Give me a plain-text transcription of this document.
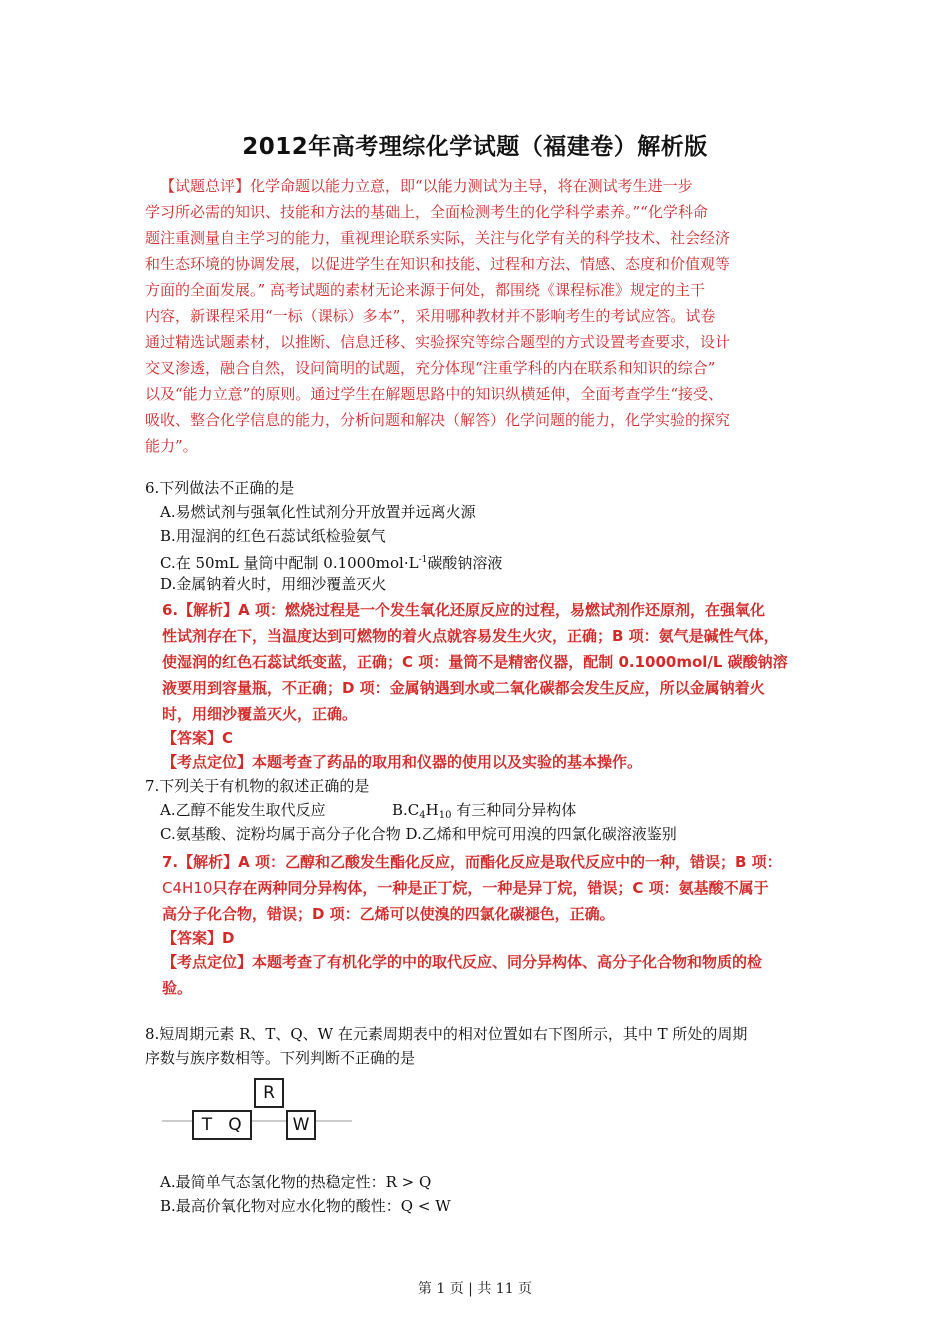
2012年高考理综化学试题（福建卷）解析版
【试题总评】化学命题以能力立意，即“以能力测试为主导，将在测试考生进一步
学习所必需的知识、技能和方法的基础上，全面检测考生的化学科学素养。”“化学科命
题注重测量自主学习的能力，重视理论联系实际，关注与化学有关的科学技术、社会经济
和生态环境的协调发展，以促进学生在知识和技能、过程和方法、情感、态度和价值观等
方面的全面发展。” 高考试题的素材无论来源于何处，都围绕《课程标准》规定的主干
内容，新课程采用“一标（课标）多本”，采用哪种教材并不影响考生的考试应答。试卷
通过精选试题素材，以推断、信息迁移、实验探究等综合题型的方式设置考查要求，设计
交叉渗透，融合自然，设问简明的试题，充分体现“注重学科的内在联系和知识的综合”
以及“能力立意”的原则。通过学生在解题思路中的知识纵横延伸，全面考查学生“接受、
吸收、整合化学信息的能力，分析问题和解决（解答）化学问题的能力，化学实验的探究
能力”。
6.下列做法不正确的是
A.易燃试剂与强氧化性试剂分开放置并远离火源
B.用湿润的红色石蕊试纸检验氨气
C.在 50mL 量筒中配制 $0.1000mol\cdot L^{-1}$碳酸钠溶液
D.金属钠着火时，用细沙覆盖灭火
6.【解析】A 项：燃烧过程是一个发生氧化还原反应的过程，易燃试剂作还原剂，在强氧化
性试剂存在下，当温度达到可燃物的着火点就容易发生火灾，正确；B 项：氨气是碱性气体，
使湿润的红色石蕊试纸变蓝，正确；C 项：量筒不是精密仪器，配制 0.1000mol/L 碳酸钠溶
液要用到容量瓶，不正确；D 项：金属钠遇到水或二氧化碳都会发生反应，所以金属钠着火
时，用细沙覆盖灭火，正确。
【答案】C
【考点定位】本题考查了药品的取用和仪器的使用以及实验的基本操作。
7.下列关于有机物的叙述正确的是
A.乙醇不能发生取代反应	$B.C_4H_{10}$ 有三种同分异构体
C.氨基酸、淀粉均属于高分子化合物 D.乙烯和甲烷可用溴的四氯化碳溶液鉴别
7.【解析】A 项：乙醇和乙酸发生酯化反应，而酯化反应是取代反应中的一种，错误；B 项：
C4H10只存在两种同分异构体，一种是正丁烷，一种是异丁烷，错误；C 项：氨基酸不属于
高分子化合物，错误；D 项：乙烯可以使溴的四氯化碳褪色，正确。
【答案】D
【考点定位】本题考查了有机化学的中的取代反应、同分异构体、高分子化合物和物质的检
验。
8.短周期元素 R、T、Q、W 在元素周期表中的相对位置如右下图所示，其中 T 所处的周期
序数与族序数相等。下列判断不正确的是
R
T Q	W
A.最简单气态氢化物的热稳定性：R > Q
B.最高价氧化物对应水化物的酸性：Q < W
第 1 页 | 共 11 页
